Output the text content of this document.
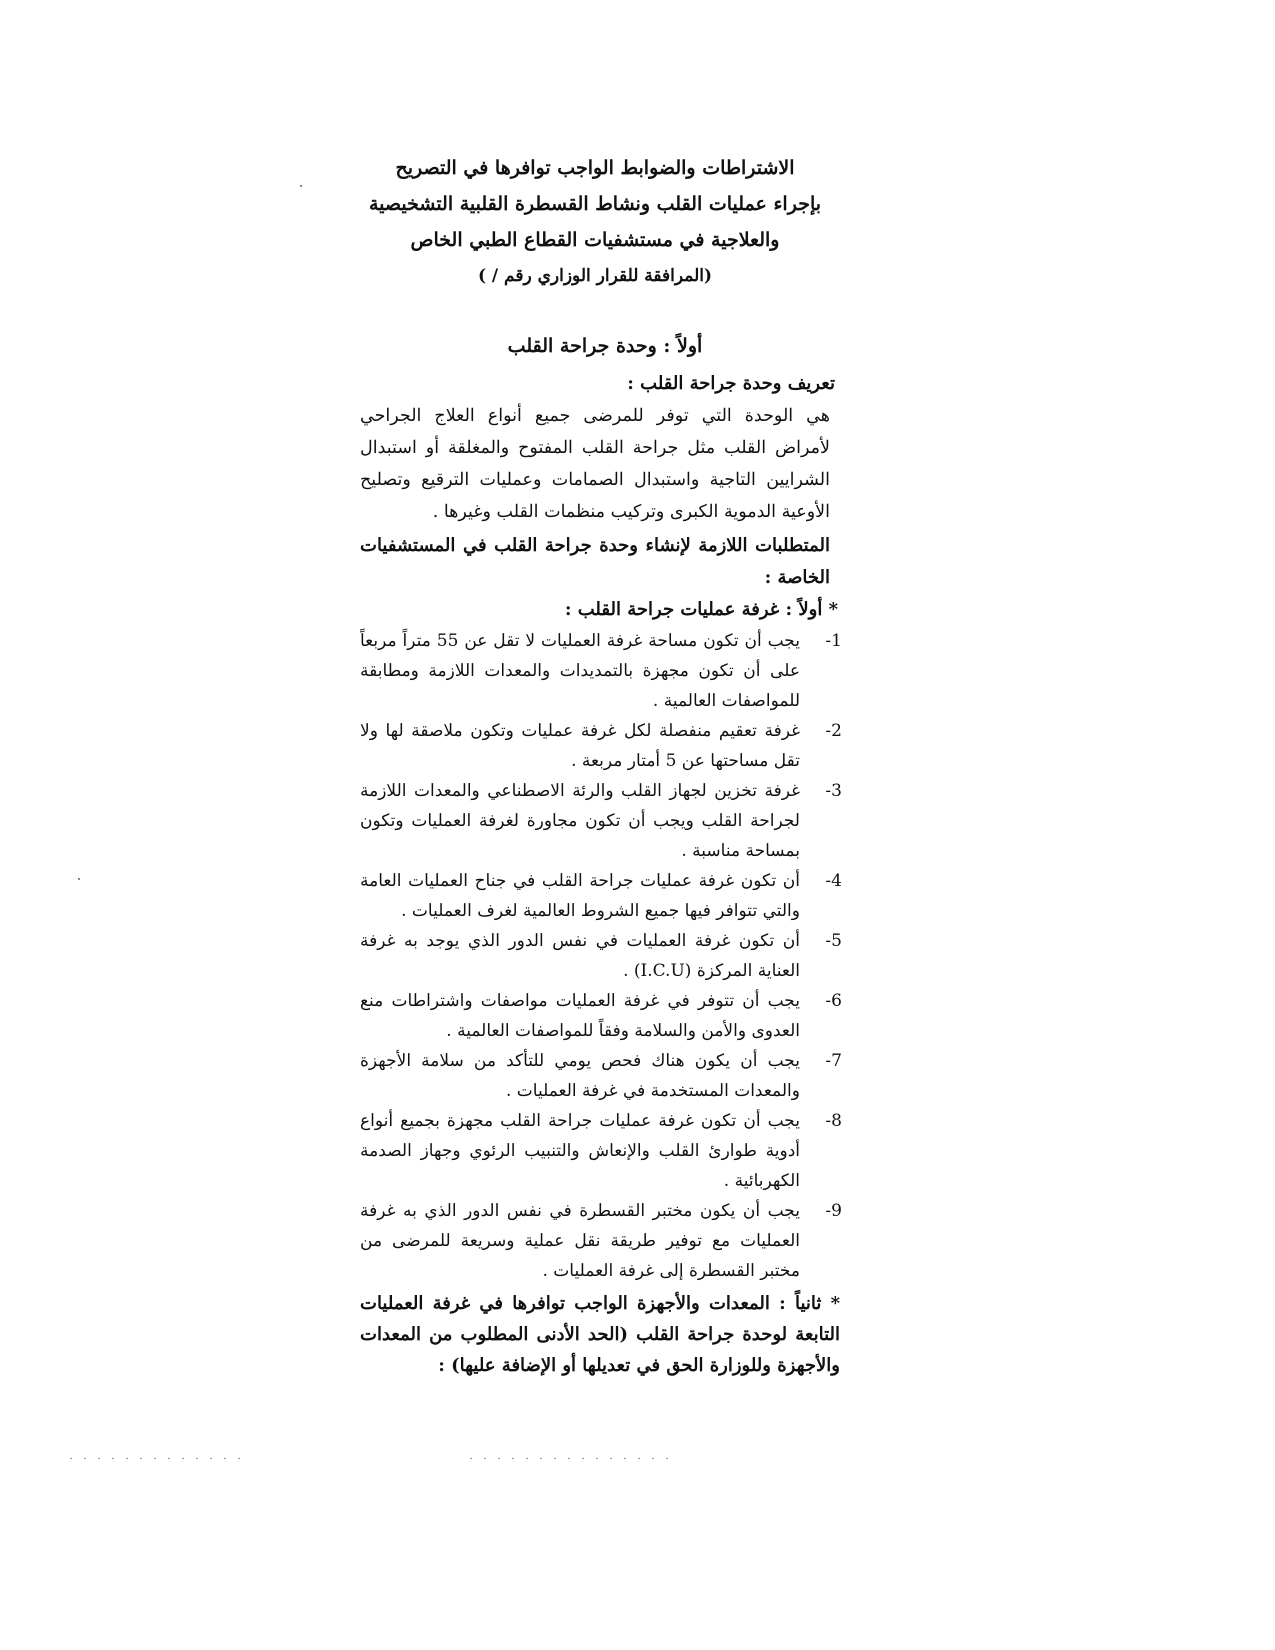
الاشتراطات والضوابط الواجب توافرها في التصريح
بإجراء عمليات القلب ونشاط القسطرة القلبية التشخيصية
والعلاجية في مستشفيات القطاع الطبي الخاص
(المرافقة للقرار الوزاري رقم / )
أولاً : وحدة جراحة القلب
تعريف وحدة جراحة القلب :

هي الوحدة التي توفر للمرضى جميع أنواع العلاج الجراحي لأمراض القلب مثل جراحة القلب المفتوح والمغلقة أو استبدال الشرايين التاجية واستبدال الصمامات وعمليات الترقيع وتصليح الأوعية الدموية الكبرى وتركيب منظمات القلب وغيرها .

المتطلبات اللازمة لإنشاء وحدة جراحة القلب في المستشفيات الخاصة :
* أولاً : غرفة عمليات جراحة القلب :
1-
يجب أن تكون مساحة غرفة العمليات لا تقل عن 55 متراً مربعاً على أن تكون مجهزة بالتمديدات والمعدات اللازمة ومطابقة للمواصفات العالمية .
2-
غرفة تعقيم منفصلة لكل غرفة عمليات وتكون ملاصقة لها ولا تقل مساحتها عن 5 أمتار مربعة .
3-
غرفة تخزين لجهاز القلب والرئة الاصطناعي والمعدات اللازمة لجراحة القلب ويجب أن تكون مجاورة لغرفة العمليات وتكون بمساحة مناسبة .
4-
أن تكون غرفة عمليات جراحة القلب في جناح العمليات العامة والتي تتوافر فيها جميع الشروط العالمية لغرف العمليات .
5-
أن تكون غرفة العمليات في نفس الدور الذي يوجد به غرفة العناية المركزة (I.C.U) .
6-
يجب أن تتوفر في غرفة العمليات مواصفات واشتراطات منع العدوى والأمن والسلامة وفقاً للمواصفات العالمية .
7-
يجب أن يكون هناك فحص يومي للتأكد من سلامة الأجهزة والمعدات المستخدمة في غرفة العمليات .
8-
يجب أن تكون غرفة عمليات جراحة القلب مجهزة بجميع أنواع أدوية طوارئ القلب والإنعاش والتنبيب الرئوي وجهاز الصدمة الكهربائية .
9-
يجب أن يكون مختبر القسطرة في نفس الدور الذي به غرفة العمليات مع توفير طريقة نقل عملية وسريعة للمرضى من مختبر القسطرة إلى غرفة العمليات .
* ثانياً : المعدات والأجهزة الواجب توافرها في غرفة العمليات التابعة لوحدة جراحة القلب (الحد الأدنى المطلوب من المعدات والأجهزة وللوزارة الحق في تعديلها أو الإضافة عليها) :
